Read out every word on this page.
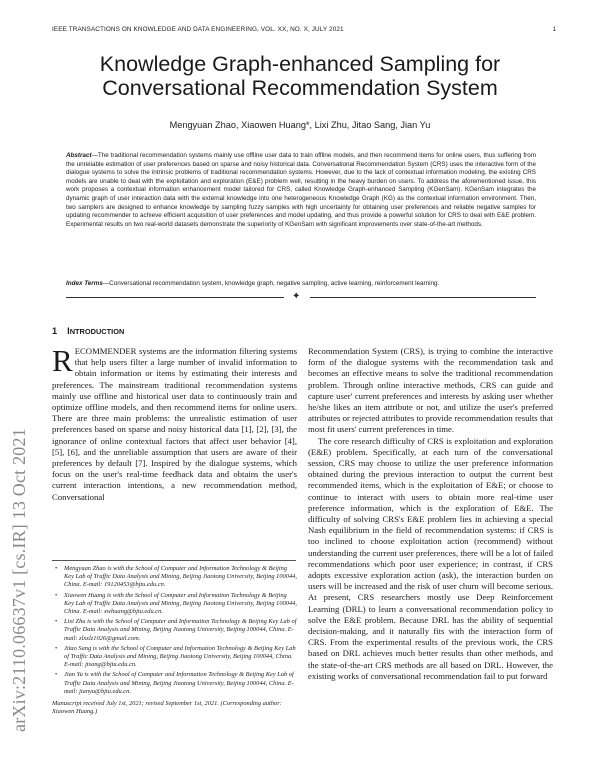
IEEE TRANSACTIONS ON KNOWLEDGE AND DATA ENGINEERING, VOL. XX, NO. X, JULY 2021	1
arXiv:2110.06637v1 [cs.IR] 13 Oct 2021
Knowledge Graph-enhanced Sampling for
Conversational Recommendation System
Mengyuan Zhao, Xiaowen Huang*, Lixi Zhu, Jitao Sang, Jian Yu
Abstract—The traditional recommendation systems mainly use offline user data to train offline models, and then recommend items for online users, thus suffering from the unreliable estimation of user preferences based on sparse and noisy historical data. Conversational Recommendation System (CRS) uses the interactive form of the dialogue systems to solve the intrinsic problems of traditional recommendation systems. However, due to the lack of contextual information modeling, the existing CRS models are unable to deal with the exploitation and exploration (E&E) problem well, resulting in the heavy burden on users. To address the aforementioned issue, this work proposes a contextual information enhancement model tailored for CRS, called Knowledge Graph-enhanced Sampling (KGenSam). KGenSam integrates the dynamic graph of user interaction data with the external knowledge into one heterogeneous Knowledge Graph (KG) as the contextual information environment. Then, two samplers are designed to enhance knowledge by sampling fuzzy samples with high uncertainty for obtaining user preferences and reliable negative samples for updating recommender to achieve efficient acquisition of user preferences and model updating, and thus provide a powerful solution for CRS to deal with E&E problem. Experimental results on two real-world datasets demonstrate the superiority of KGenSam with significant improvements over state-of-the-art methods.
Index Terms—Conversational recommendation system, knowledge graph, negative sampling, active learning, reinforcement learning.
✦
1 INTRODUCTION

RECOMMENDER systems are the information filtering systems that help users filter a large number of invalid information to obtain information or items by estimating their interests and preferences. The mainstream traditional recommendation systems mainly use offline and historical user data to continuously train and optimize offline models, and then recommend items for online users. There are three main problems: the unrealistic estimation of user preferences based on sparse and noisy historical data [1], [2], [3], the ignorance of online contextual factors that affect user behavior [4], [5], [6], and the unreliable assumption that users are aware of their preferences by default [7]. Inspired by the dialogue systems, which focus on the user's real-time feedback data and obtains the user's current interaction intentions, a new recommendation method, Conversational

Recommendation System (CRS), is trying to combine the interactive form of the dialogue systems with the recommendation task and becomes an effective means to solve the traditional recommendation problem. Through online interactive methods, CRS can guide and capture user' current preferences and interests by asking user whether he/she likes an item attribute or not, and utilize the user's preferred attributes or rejected attributes to provide recommendation results that most fit users' current preferences in time.

The core research difficulty of CRS is exploitation and exploration (E&E) problem. Specifically, at each turn of the conversational session, CRS may choose to utilize the user preference information obtained during the previous interaction to output the current best recommended items, which is the exploitation of E&E; or choose to continue to interact with users to obtain more real-time user preference information, which is the exploration of E&E. The difficulty of solving CRS's E&E problem lies in achieving a special Nash equilibrium in the field of recommendation systems: if CRS is too inclined to choose exploitation action (recommend) without understanding the current user preferences, there will be a lot of failed recommendations which poor user experience; in contrast, if CRS adopts excessive exploration action (ask), the interaction burden on users will be increased and the risk of user churn will become serious. At present, CRS researchers mostly use Deep Reinforcement Learning (DRL) to learn a conversational recommendation policy to solve the E&E problem. Because DRL has the ability of sequential decision-making, and it naturally fits with the interaction form of CRS. From the experimental results of the previous work, the CRS based on DRL achieves much better results than other methods, and the state-of-the-art CRS methods are all based on DRL. However, the existing works of conversational recommendation fail to put forward

• Mengyuan Zhao is with the School of Computer and Information Technology & Beijing Key Lab of Traffic Data Analysis and Mining, Beijing Jiaotong University, Beijing 100044, China. E-mail: 19120453@bjtu.edu.cn.
• Xiaowen Huang is with the School of Computer and Information Technology & Beijing Key Lab of Traffic Data Analysis and Mining, Beijing Jiaotong University, Beijing 100044, China. E-mail: xwhuang@bjtu.edu.cn.
• Lixi Zhu is with the School of Computer and Information Technology & Beijing Key Lab of Traffic Data Analysis and Mining, Beijing Jiaotong University, Beijing 100044, China. E-mail: zlxxlz1026@gmail.com.
• Jitao Sang is with the School of Computer and Information Technology & Beijing Key Lab of Traffic Data Analysis and Mining, Beijing Jiaotong University, Beijing 100044, China. E-mail: jtsang@bjtu.edu.cn.
• Jian Yu is with the School of Computer and Information Technology & Beijing Key Lab of Traffic Data Analysis and Mining, Beijing Jiaotong University, Beijing 100044, China. E-mail: jianyu@bjtu.edu.cn.
Manuscript received July 1st, 2021; revised September 1st, 2021. (Corresponding author: Xiaowen Huang.)
